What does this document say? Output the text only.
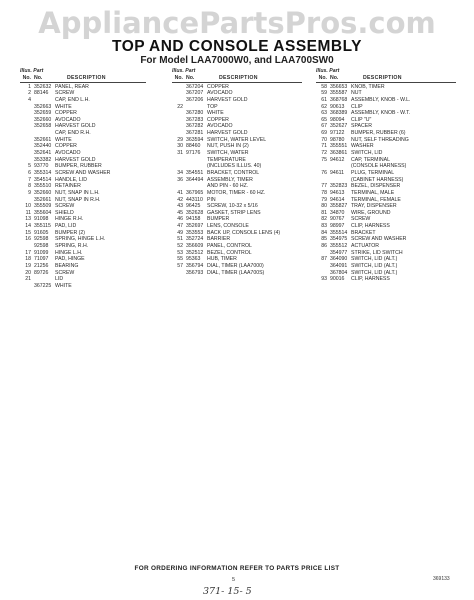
AppliancePartsPros.com
TOP AND CONSOLE ASSEMBLY
For Model LAA7000W0, and LAA700SW0
Illus. Part
No. No.	DESCRIPTION
1 352632 PANEL, REAR
2 88146	SCREW
4	CAP, END L.H.
352663 WHITE
352659 COPPER
352660 AVOCADO
352658 HARVEST GOLD
CAP, END R.H.
352661 WHITE
352440 COPPER
352641 AVOCADO
353382 HARVEST GOLD
5 93770	BUMPER, RUBBER
6 355314 SCREW AND WASHER
7 354514 HANDLE, LID
8 355510 RETAINER
9 352660 NUT, SNAP IN L.H.
352661 NUT, SNAP IN R.H.
10 355509 SCREW
11 355604 SHIELD
13 91098	HINGE R.H.
14 355115 PAD, LID
15 91605	BUMPER (2)
16 92598	SPRING, HINGE L.H.
92598	SPRING, R.H.
17 91099	HINGE L.H.
18 71097	PAD, HINGE
19 21256	BEARING
20 89726	SCREW
21	LID
367225 WHITE
Illus. Part
No. No.	DESCRIPTION
367204 COPPER
367207 AVOCADO
367206 HARVEST GOLD
22	TOP
367280 WHITE
367283 COPPER
367282 AVOCADO
367281 HARVEST GOLD
29 363594 SWITCH, WATER LEVEL
30 88460	NUT, PUSH IN (2)
31 97176	SWITCH, WATER
TEMPERATURE
(INCLUDES ILLUS. 40)
34 354551 BRACKET, CONTROL
36 364494 ASSEMBLY, TIMER
AND PIN - 60 HZ.
41 367965 MOTOR, TIMER - 60 HZ.
42 443110 PIN
43 96425	SCREW, 10-32 x 5/16
45 352628 GASKET, STRIP LENS
46 94158	BUMPER
47 352697 LENS, CONSOLE
49 353553 BACK UP, CONSOLE LENS (4)
51 352724 BARRIER
52 356609 PANEL, CONTROL
53 352512 BEZEL, CONTROL
55 95363	HUB, TIMER
57 356794 DIAL, TIMER (LAA7000)
356793 DIAL, TIMER (LAA700S)
Illus. Part
No. No.	DESCRIPTION
58 356653 KNOB, TIMER
59 355587 NUT
61 368768 ASSEMBLY, KNOB - W.L.
62 90613	CLIP
63 368389 ASSEMBLY, KNOB - W.T.
65 98094	CLIP "U"
67 352627 SPACER
69 97122	BUMPER, RUBBER (6)
70 98780	NUT, SELF THREADING
71 355551 WASHER
72 363861 SWITCH, LID
75 94612	CAP, TERMINAL
(CONSOLE HARNESS)
76 94611	PLUG, TERMINAL
(CABINET HARNESS)
77 352823 BEZEL, DISPENSER
78 94613	TERMINAL, MALE
79 94614	TERMINAL, FEMALE
80 355827 TRAY, DISPENSER
81 34870	WIRE, GROUND
82 90767	SCREW
83 98997	CLIP, HARNESS
84 355514 BRACKET
85 354975 SCREW AND WASHER
86 355512 ACTUATOR
354977 STRIKE, LID SWITCH
87 364090 SWITCH, LID (ALT.)
364091 SWITCH, LID (ALT.)
367804 SWITCH, LID (ALT.)
93 90016	CLIP, HARNESS
FOR ORDERING INFORMATION REFER TO PARTS PRICE LIST
5
371- 15- 5
369133
